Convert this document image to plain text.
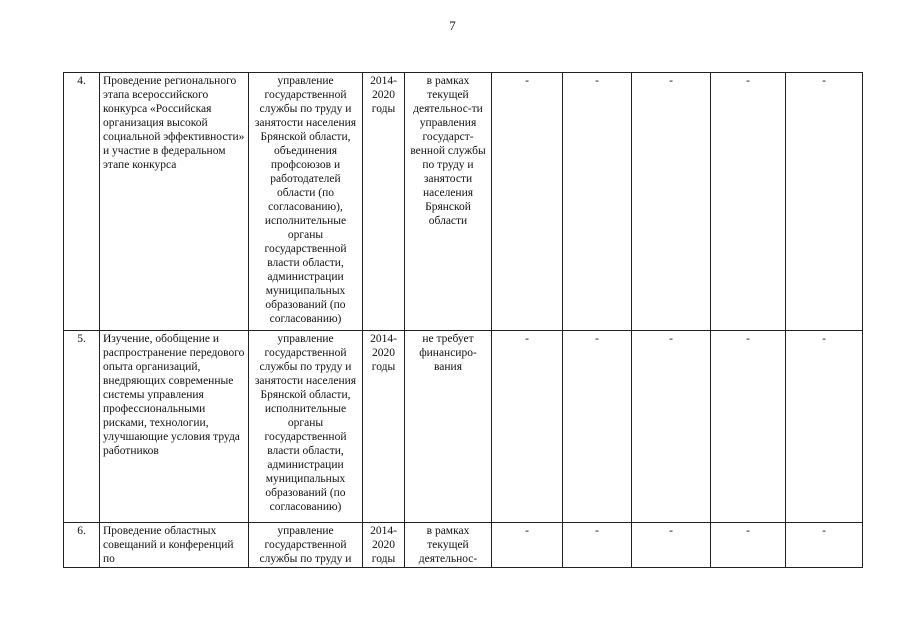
7
4.	Проведение регионального этапа всероссийского конкурса «Российская организация высокой социальной эффективности» и участие в федеральном этапе конкурса	управление государственной службы по труду и занятости населения Брянской области, объединения профсоюзов и работодателей области (по согласованию), исполнительные органы государственной власти области, администрации муниципальных образований (по согласованию)	2014-2020 годы	в рамках текущей деятельнос-ти управления государст-венной службы по труду и занятости населения Брянской области	-	-	-	-	-
5.	Изучение, обобщение и распространение передового опыта организаций, внедряющих современные системы управления профессиональными рисками, технологии, улучшающие условия труда работников	управление государственной службы по труду и занятости населения Брянской области, исполнительные органы государственной власти области, администрации муниципальных образований (по согласованию)	2014-2020 годы	не требует финансиро-вания	-	-	-	-	-
6.	Проведение областных совещаний и конференций по	управление государственной службы по труду и	2014-2020 годы	в рамках текущей деятельнос-	-	-	-	-	-
